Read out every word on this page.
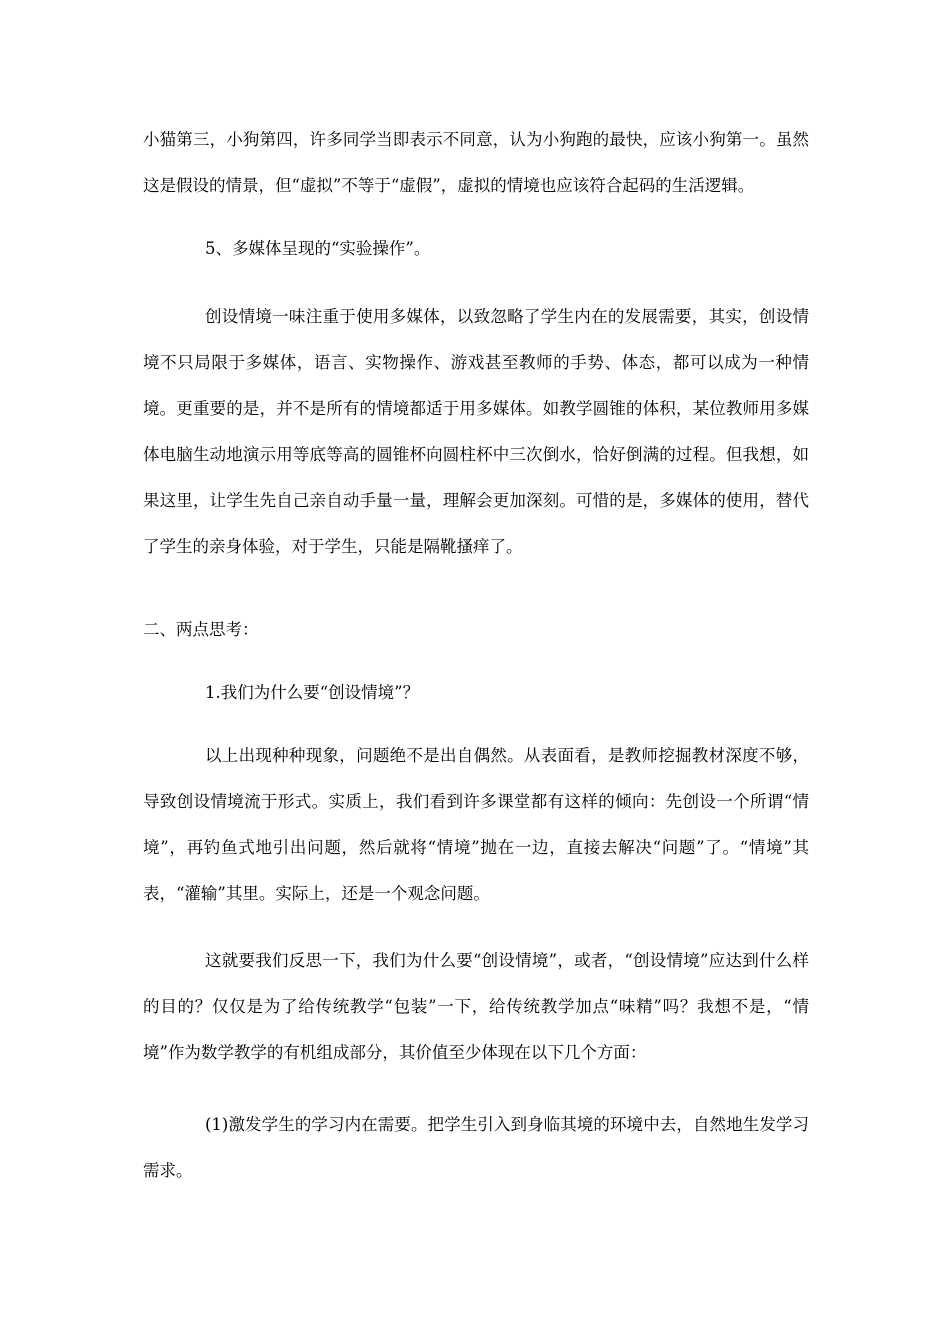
小猫第三，小狗第四，许多同学当即表示不同意，认为小狗跑的最快，应该小狗第一。虽然这是假设的情景，但“虚拟”不等于“虚假”，虚拟的情境也应该符合起码的生活逻辑。

5、多媒体呈现的“实验操作”。

创设情境一味注重于使用多媒体，以致忽略了学生内在的发展需要，其实，创设情境不只局限于多媒体，语言、实物操作、游戏甚至教师的手势、体态，都可以成为一种情境。更重要的是，并不是所有的情境都适于用多媒体。如教学圆锥的体积，某位教师用多媒体电脑生动地演示用等底等高的圆锥杯向圆柱杯中三次倒水，恰好倒满的过程。但我想，如果这里，让学生先自己亲自动手量一量，理解会更加深刻。可惜的是，多媒体的使用，替代了学生的亲身体验，对于学生，只能是隔靴搔痒了。

二、两点思考：

1.我们为什么要“创设情境”？

以上出现种种现象，问题绝不是出自偶然。从表面看，是教师挖掘教材深度不够，导致创设情境流于形式。实质上，我们看到许多课堂都有这样的倾向：先创设一个所谓“情境”，再钓鱼式地引出问题，然后就将“情境”抛在一边，直接去解决“问题”了。“情境”其表，“灌输”其里。实际上，还是一个观念问题。

这就要我们反思一下，我们为什么要“创设情境”，或者，“创设情境”应达到什么样的目的？仅仅是为了给传统教学“包装”一下，给传统教学加点“味精”吗？我想不是，“情境”作为数学教学的有机组成部分，其价值至少体现在以下几个方面：

(1)激发学生的学习内在需要。把学生引入到身临其境的环境中去，自然地生发学习需求。
